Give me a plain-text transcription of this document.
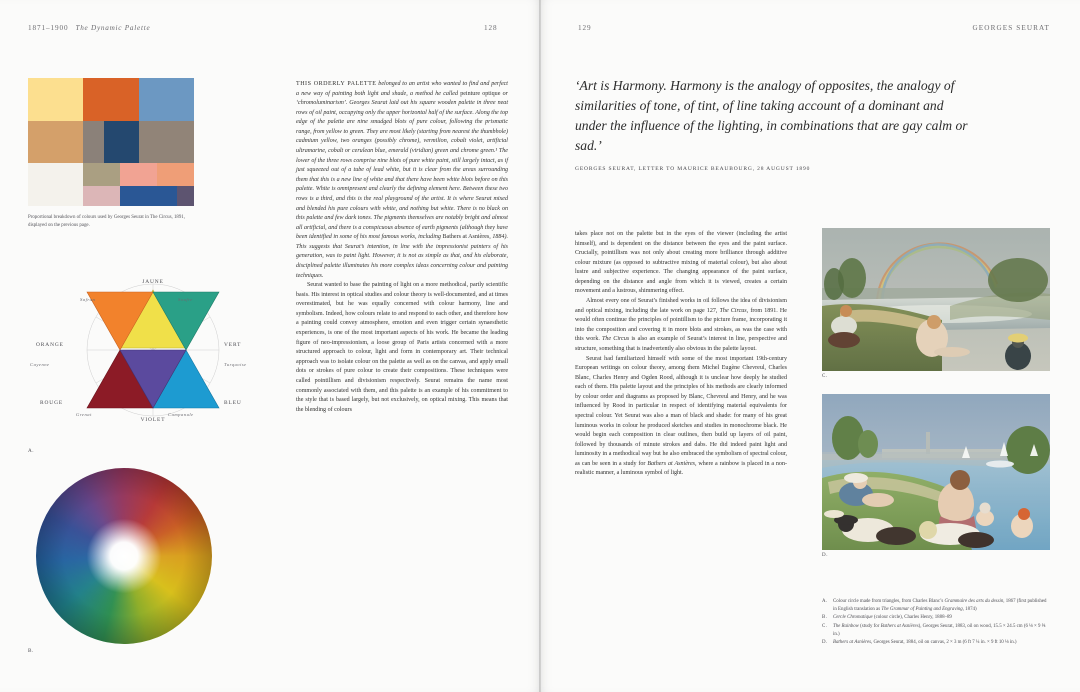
1871–1900 The Dynamic Palette	128
Proportional breakdown of colours used by Georges Seurat in The Circus, 1891, displayed on the previous page.
JAUNE
VERT
BLEU
VIOLET
ROUGE
ORANGE
Soufre
Turquoise
Campanule
Grenat
Cayenne
Safran
A.
B.

THIS ORDERLY PALETTE belonged to an artist who wanted to find and perfect a new way of painting both light and shade, a method he called peinture optique or ‘chromoluminarism’. Georges Seurat laid out his square wooden palette in three neat rows of oil paint, occupying only the upper horizontal half of the surface. Along the top edge of the palette are nine smudged blots of pure colour, following the prismatic range, from yellow to green. They are most likely (starting from nearest the thumbhole) cadmium yellow, two oranges (possibly chrome), vermilion, cobalt violet, artificial ultramarine, cobalt or cerulean blue, emerald (viridian) green and chrome green.¹ The lower of the three rows comprise nine blots of pure white paint, still largely intact, as if just squeezed out of a tube of lead white, but it is clear from the areas surrounding them that this is a new line of white and that there have been white blots before on this palette. White is omnipresent and clearly the defining element here. Between these two rows is a third, and this is the real playground of the artist. It is where Seurat mixed and blended his pure colours with white, and nothing but white. There is no black on this palette and few dark tones. The pigments themselves are notably bright and almost all artificial, and there is a conspicuous absence of earth pigments (although they have been identified in some of his most famous works, including Bathers at Asnières, 1884). This suggests that Seurat’s intention, in line with the impressionist painters of his generation, was to paint light. However, it is not as simple as that, and his elaborate, disciplined palette illuminates his more complex ideas concerning colour and painting techniques.

Seurat wanted to base the painting of light on a more methodical, partly scientific basis. His interest in optical studies and colour theory is well-documented, and at times overestimated, but he was equally concerned with colour harmony, line and symbolism. Indeed, how colours relate to and respond to each other, and therefore how a painting could convey atmosphere, emotion and even trigger certain synaesthetic experiences, is one of the most important aspects of his work. He became the leading figure of neo-impressionism, a loose group of Paris artists concerned with a more structured approach to colour, light and form in contemporary art. Their technical approach was to isolate colour on the palette as well as on the canvas, and apply small dots or strokes of pure colour to create their compositions. These techniques were called pointillism and divisionism respectively. Seurat remains the name most commonly associated with them, and this palette is an example of his commitment to the style that is based largely, but not exclusively, on optical mixing. This means that the blending of colours

129	GEORGES SEURAT
‘Art is Harmony. Harmony is the analogy of opposites, the analogy of similarities of tone, of tint, of line taking account of a dominant and under the influence of the lighting, in combinations that are gay calm or sad.’
GEORGES SEURAT, LETTER TO MAURICE BEAUBOURG, 28 AUGUST 1890

takes place not on the palette but in the eyes of the viewer (including the artist himself), and is dependent on the distance between the eyes and the paint surface. Crucially, pointillism was not only about creating more brilliance through additive colour mixture (as opposed to subtractive mixing of material colour), but also about lustre and subjective experience. The changing appearance of the paint surface, depending on the distance and angle from which it is viewed, creates a certain movement and a lustrous, shimmering effect.

Almost every one of Seurat’s finished works in oil follows the idea of divisionism and optical mixing, including the late work on page 127, The Circus, from 1891. He would often continue the principles of pointillism to the picture frame, incorporating it into the composition and covering it in more blots and strokes, as was the case with this work. The Circus is also an example of Seurat’s interest in line, perspective and structure, something that is inadvertently also obvious in the palette layout.

Seurat had familiarized himself with some of the most important 19th-century European writings on colour theory, among them Michel Eugène Chevreul, Charles Blanc, Charles Henry and Ogden Rood, although it is unclear how deeply he studied each of them. His palette layout and the principles of his methods are clearly informed by colour order and diagrams as proposed by Blanc, Chevreul and Henry, and he was influenced by Rood in particular in respect of identifying material equivalents for spectral colour. Yet Seurat was also a man of black and shade: for many of his great luminous works in colour he produced sketches and studies in monochrome black. He would begin each composition in clear outlines, then build up layers of oil paint, followed by thousands of minute strokes and dabs. He did indeed paint light and luminosity in a methodical way but he also embraced the symbolism of spectral colour, as can be seen in a study for Bathers at Asnières, where a rainbow is placed in a non-realistic manner, a luminous symbol of light.

C.
D.
A.	Colour circle made from triangles, from Charles Blanc’s Grammaire des arts du dessin, 1867 (first published in English translation as The Grammar of Painting and Engraving, 1874)
B.	Cercle Chromatique (colour circle), Charles Henry, 1888–89
C.	The Rainbow (study for Bathers at Asnières), Georges Seurat, 1883, oil on wood, 15.5 × 24.5 cm (6 ⅛ × 9 ⅝ in.)
D.	Bathers at Asnières, Georges Seurat, 1884, oil on canvas, 2 × 3 m (6 ft 7 ¼ in. × 9 ft 10 ⅛ in.)
